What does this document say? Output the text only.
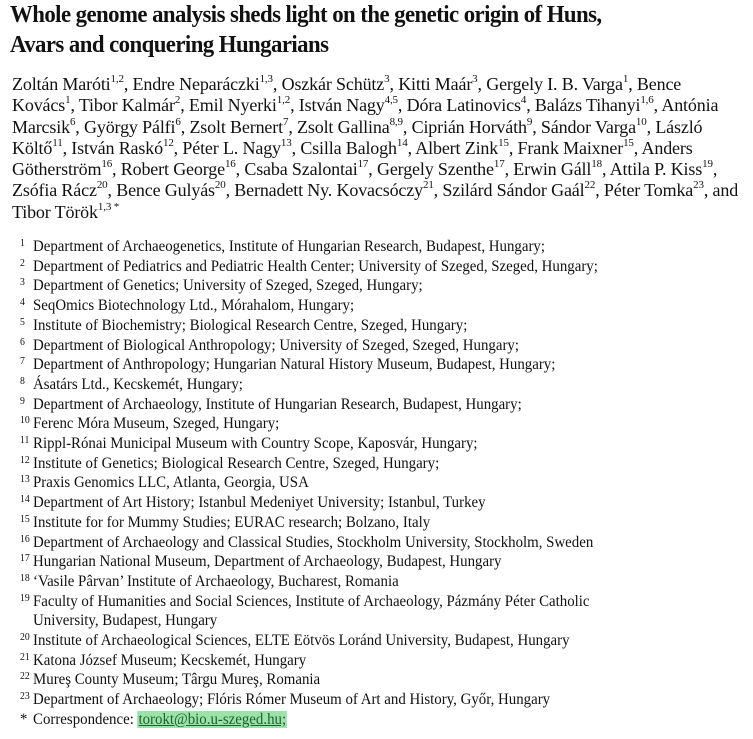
Whole genome analysis sheds light on the genetic origin of Huns,
Avars and conquering Hungarians
Zoltán Maróti$^{1,2}$, Endre Neparáczki$^{1,3}$, Oszkár Schütz$^3$, Kitti Maár$^3$, Gergely I. B. Varga$^1$, Bence Kovács$^1$, Tibor Kalmár$^2$, Emil Nyerki$^{1,2}$, István Nagy$^{4,5}$, Dóra Latinovics$^4$, Balázs Tihanyi$^{1,6}$, Antónia Marcsik$^6$, György Pálfi$^6$, Zsolt Bernert$^7$, Zsolt Gallina$^{8,9}$, Ciprián Horváth$^9$, Sándor Varga$^{10}$, László Költő$^{11}$, István Raskó$^{12}$, Péter L. Nagy$^{13}$, Csilla Balogh$^{14}$, Albert Zink$^{15}$, Frank Maixner$^{15}$, Anders Götherström$^{16}$, Robert George$^{16}$, Csaba Szalontai$^{17}$, Gergely Szenthe$^{17}$, Erwin Gáll$^{18}$, Attila P. Kiss$^{19}$, Zsófia Rácz$^{20}$, Bence Gulyás$^{20}$, Bernadett Ny. Kovacsóczy$^{21}$, Szilárd Sándor Gaál$^{22}$, Péter Tomka$^{23}$, and Tibor Török$^{1,3 *}$
1 Department of Archaeogenetics, Institute of Hungarian Research, Budapest, Hungary;
2 Department of Pediatrics and Pediatric Health Center; University of Szeged, Szeged, Hungary;
3 Department of Genetics; University of Szeged, Szeged, Hungary;
4 SeqOmics Biotechnology Ltd., Mórahalom, Hungary;
5 Institute of Biochemistry; Biological Research Centre, Szeged, Hungary;
6 Department of Biological Anthropology; University of Szeged, Szeged, Hungary;
7 Department of Anthropology; Hungarian Natural History Museum, Budapest, Hungary;
8 Ásatárs Ltd., Kecskemét, Hungary;
9 Department of Archaeology, Institute of Hungarian Research, Budapest, Hungary;
10 Ferenc Móra Museum, Szeged, Hungary;
11 Rippl-Rónai Municipal Museum with Country Scope, Kaposvár, Hungary;
12 Institute of Genetics; Biological Research Centre, Szeged, Hungary;
13 Praxis Genomics LLC, Atlanta, Georgia, USA
14 Department of Art History; Istanbul Medeniyet University; Istanbul, Turkey
15 Institute for for Mummy Studies; EURAC research; Bolzano, Italy
16 Department of Archaeology and Classical Studies, Stockholm University, Stockholm, Sweden
17 Hungarian National Museum, Department of Archaeology, Budapest, Hungary
18 ‘Vasile Pârvan’ Institute of Archaeology, Bucharest, Romania
19 Faculty of Humanities and Social Sciences, Institute of Archaeology, Pázmány Péter Catholic
University, Budapest, Hungary
20 Institute of Archaeological Sciences, ELTE Eötvös Loránd University, Budapest, Hungary
21 Katona József Museum; Kecskemét, Hungary
22 Mureş County Museum; Târgu Mureş, Romania
23 Department of Archaeology; Flóris Rómer Museum of Art and History, Győr, Hungary
* Correspondence: torokt@bio.u-szeged.hu;
